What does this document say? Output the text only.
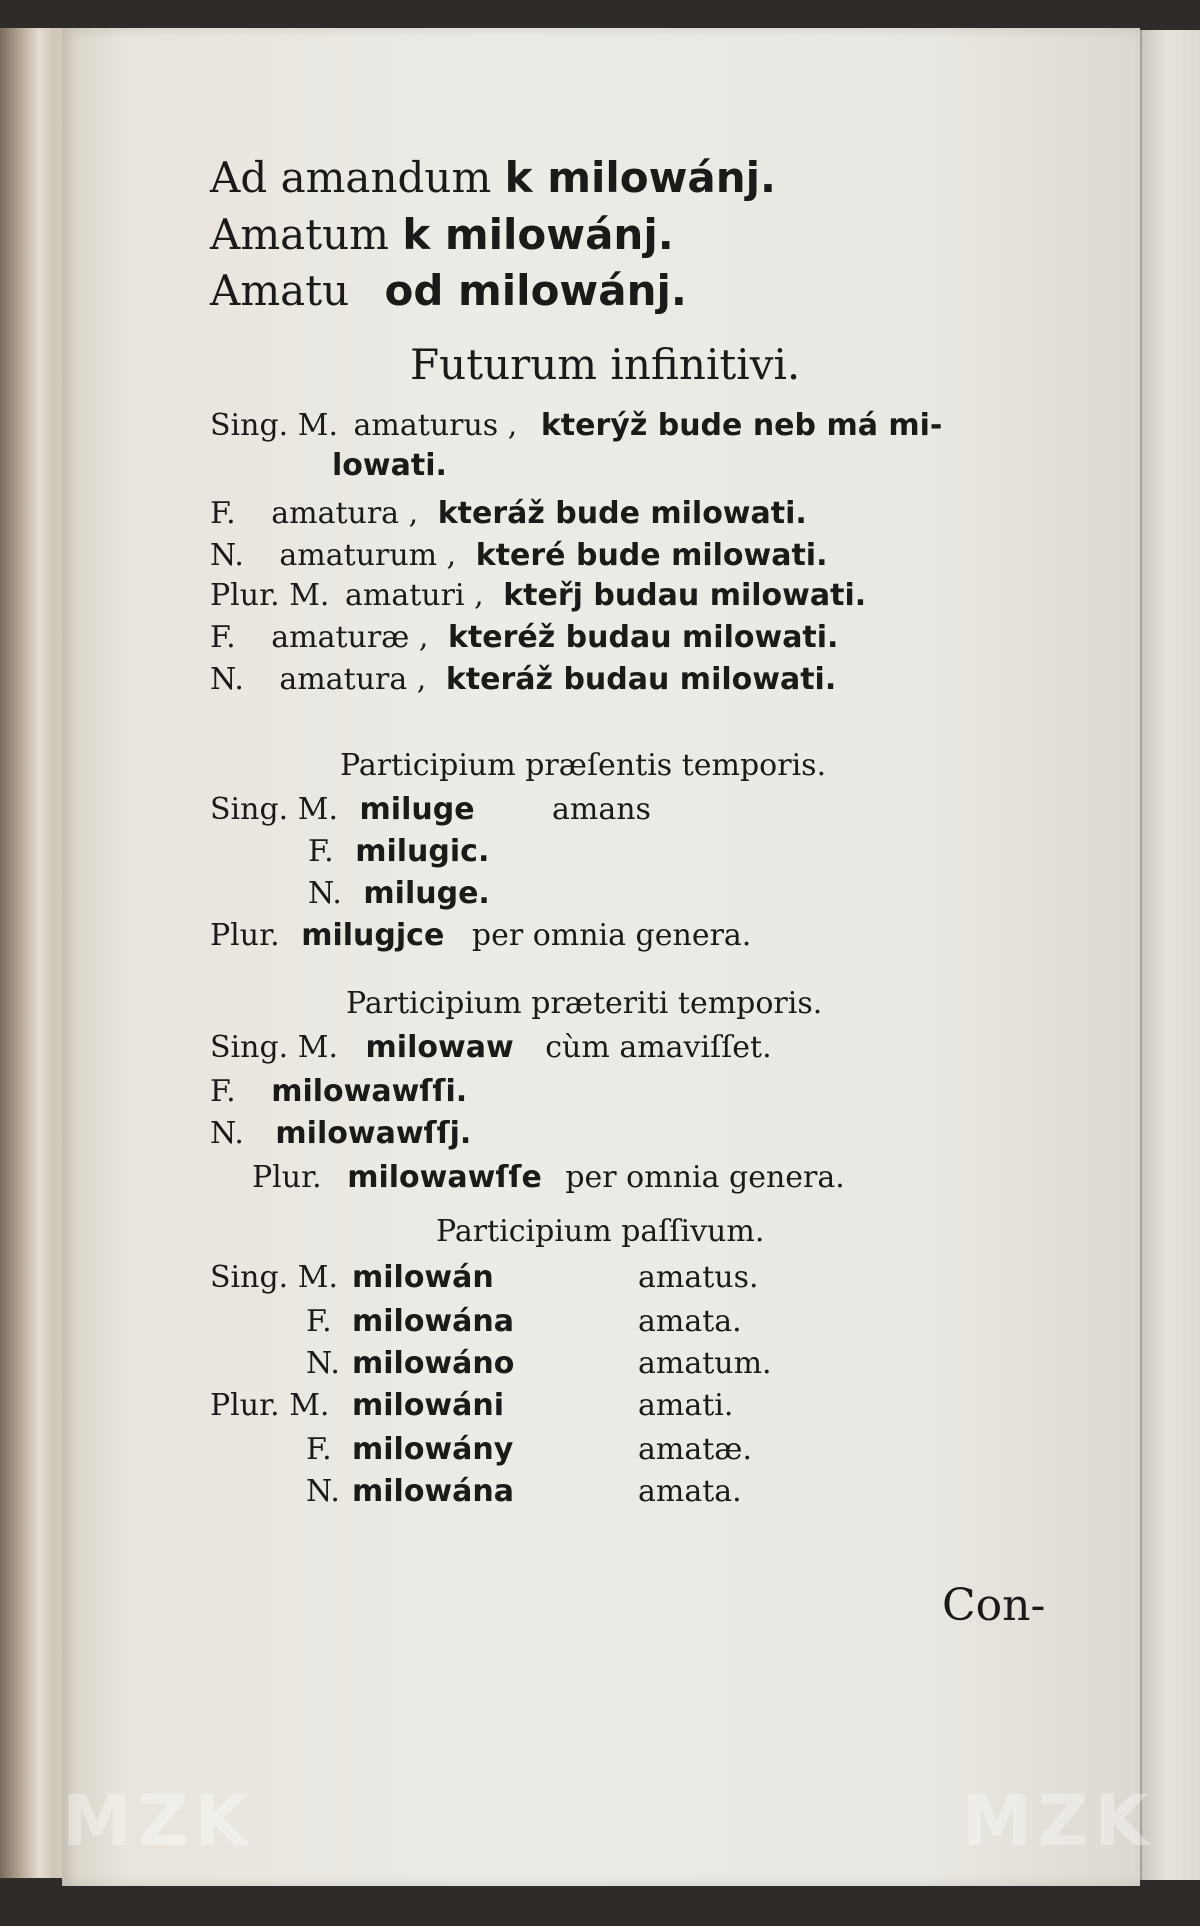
Ad amandum k milowánj.
Amatum k milowánj.
Amatu od milowánj.
Futurum infinitivi.
Sing. M. amaturus , kterýž bude neb má mi-
lowati.
F. amatura , kteráž bude milowati.
N. amaturum , které bude milowati.
Plur. M. amaturi , kteřj budau milowati.
F. amaturæ , kteréž budau milowati.
N. amatura , kteráž budau milowati.
Participium præſentis temporis.
Sing. M. miluge	amans
F. milugic.
N. miluge.
Plur. milugjce per omnia genera.
Participium præteriti temporis.
Sing. M. milowaw cùm amaviſſet.
F. milowawſſi.
N. milowawſſj.
Plur. milowawſſe per omnia genera.
Participium paſſivum.
Sing. M. milowán	amatus.
F. milowána	amata.
N. milowáno	amatum.
Plur. M. milowáni	amati.
F. milowány	amatæ.
N. milowána	amata.
Con-
MZK	MZK
